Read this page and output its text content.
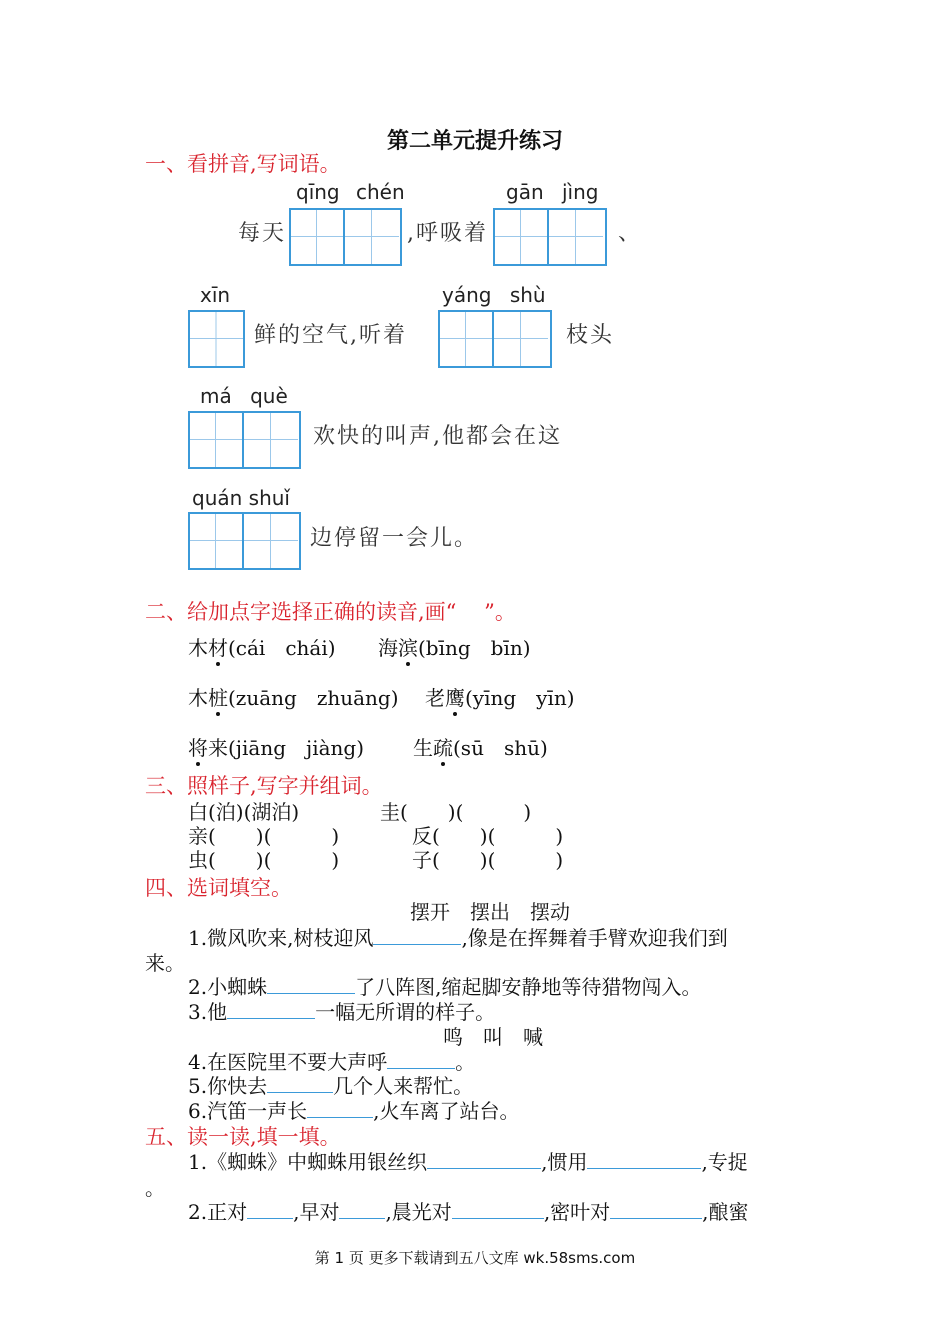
第二单元提升练习
一、看拼音,写词语。
qīng chén	gān jìng
每天	,呼吸着	、
xīn	yáng shù
鲜的空气,听着	枝头
má què
欢快的叫声,他都会在这
quán shuǐ
边停留一会儿。
二、给加点字选择正确的读音,画“　 ”。
木材(cái　chái) 海滨(bīng　bīn)
木桩(zuāng　zhuāng) 老鹰(yīng　yīn)
将来(jiāng　jiàng) 生疏(sū　shū)
三、照样子,写字并组词。
白(泊)(湖泊)	圭(　　)(　　　)
亲(　　)(　　　)	反(　　)(　　　)
虫(　　)(　　　)	子(　　)(　　　)
四、选词填空。
摆开　摆出　摆动
1.微风吹来,树枝迎风	,像是在挥舞着手臂欢迎我们到
来。
2.小蜘蛛	了八阵图,缩起脚安静地等待猎物闯入。
3.他	一幅无所谓的样子。
鸣　叫　喊
4.在医院里不要大声呼	。
5.你快去	几个人来帮忙。
6.汽笛一声长	,火车离了站台。
五、读一读,填一填。
1.《蜘蛛》中蜘蛛用银丝织	,惯用	,专捉
。
2.正对 ,早对 ,晨光对	,密叶对	,酿蜜
第 1 页 更多下载请到五八文库 wk.58sms.com
